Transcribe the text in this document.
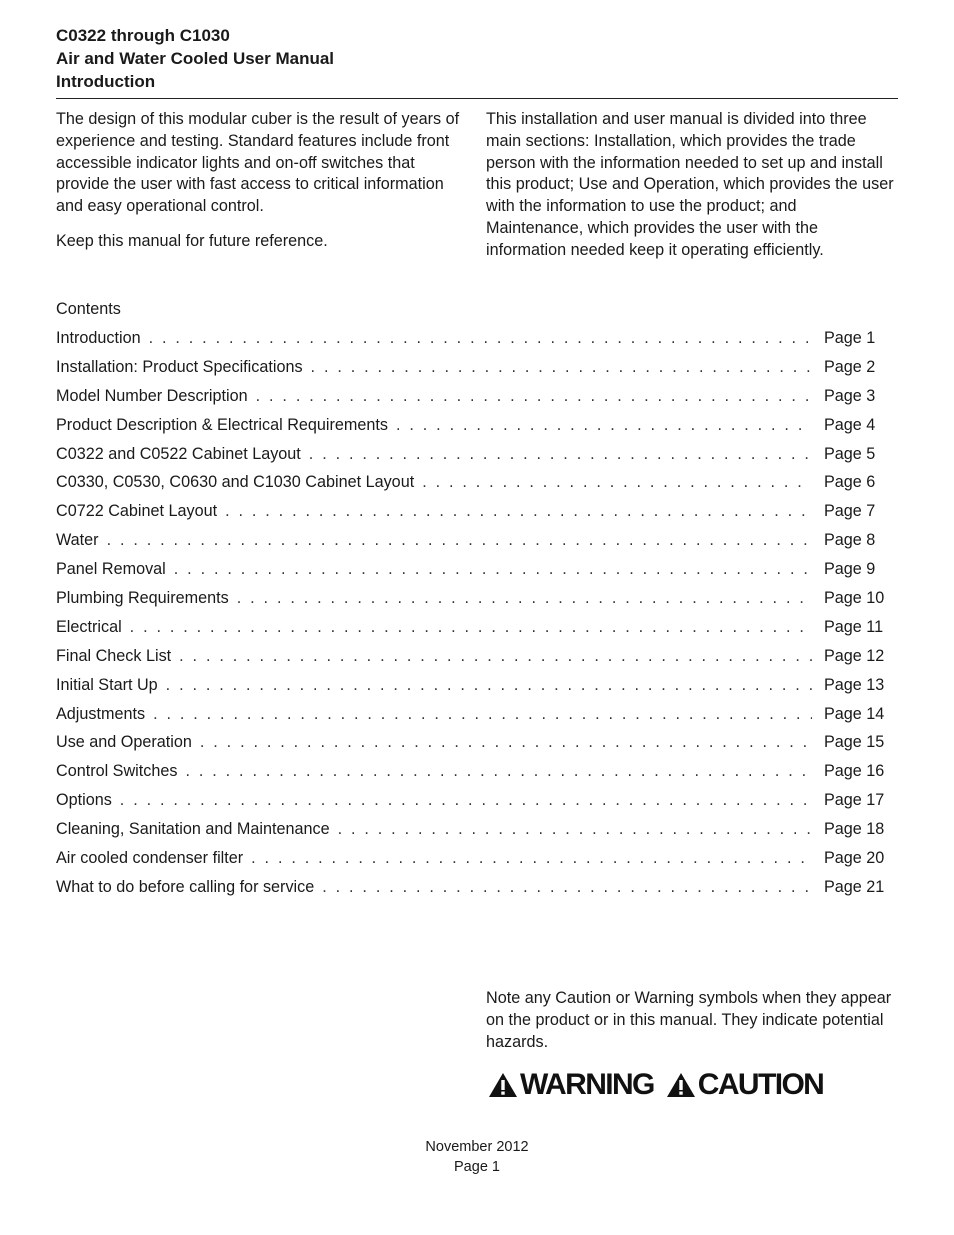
C0322 through C1030
Air and Water Cooled User Manual
Introduction

The design of this modular cuber is the result of years of experience and testing. Standard features include front accessible indicator lights and on-off switches that provide the user with fast access to critical information and easy operational control.

Keep this manual for future reference.

This installation and user manual is divided into three main sections: Installation, which provides the trade person with the information needed to set up and install this product; Use and Operation, which provides the user with the information to use the product; and Maintenance, which provides the user with the information needed keep it operating efficiently.

Contents
Introduction . . .	Page 1
Installation: Product Specifications . . .	Page 2
Model Number Description . . .	Page 3
Product Description & Electrical Requirements . . .	Page 4
C0322 and C0522 Cabinet Layout . . .	Page 5
C0330, C0530, C0630 and C1030 Cabinet Layout . . .	Page 6
C0722 Cabinet Layout . . .	Page 7
Water . . .	Page 8
Panel Removal . . .	Page 9
Plumbing Requirements . . .	Page 10
Electrical . . .	Page 11
Final Check List . . .	Page 12
Initial Start Up . . .	Page 13
Adjustments . . .	Page 14
Use and Operation . . .	Page 15
Control Switches . . .	Page 16
Options . . .	Page 17
Cleaning, Sanitation and Maintenance . . .	Page 18
Air cooled condenser filter . . .	Page 20
What to do before calling for service . . .	Page 21
Note any Caution or Warning symbols when they appear on the product or in this manual. They indicate potential hazards.
WARNING CAUTION
November 2012
Page 1
